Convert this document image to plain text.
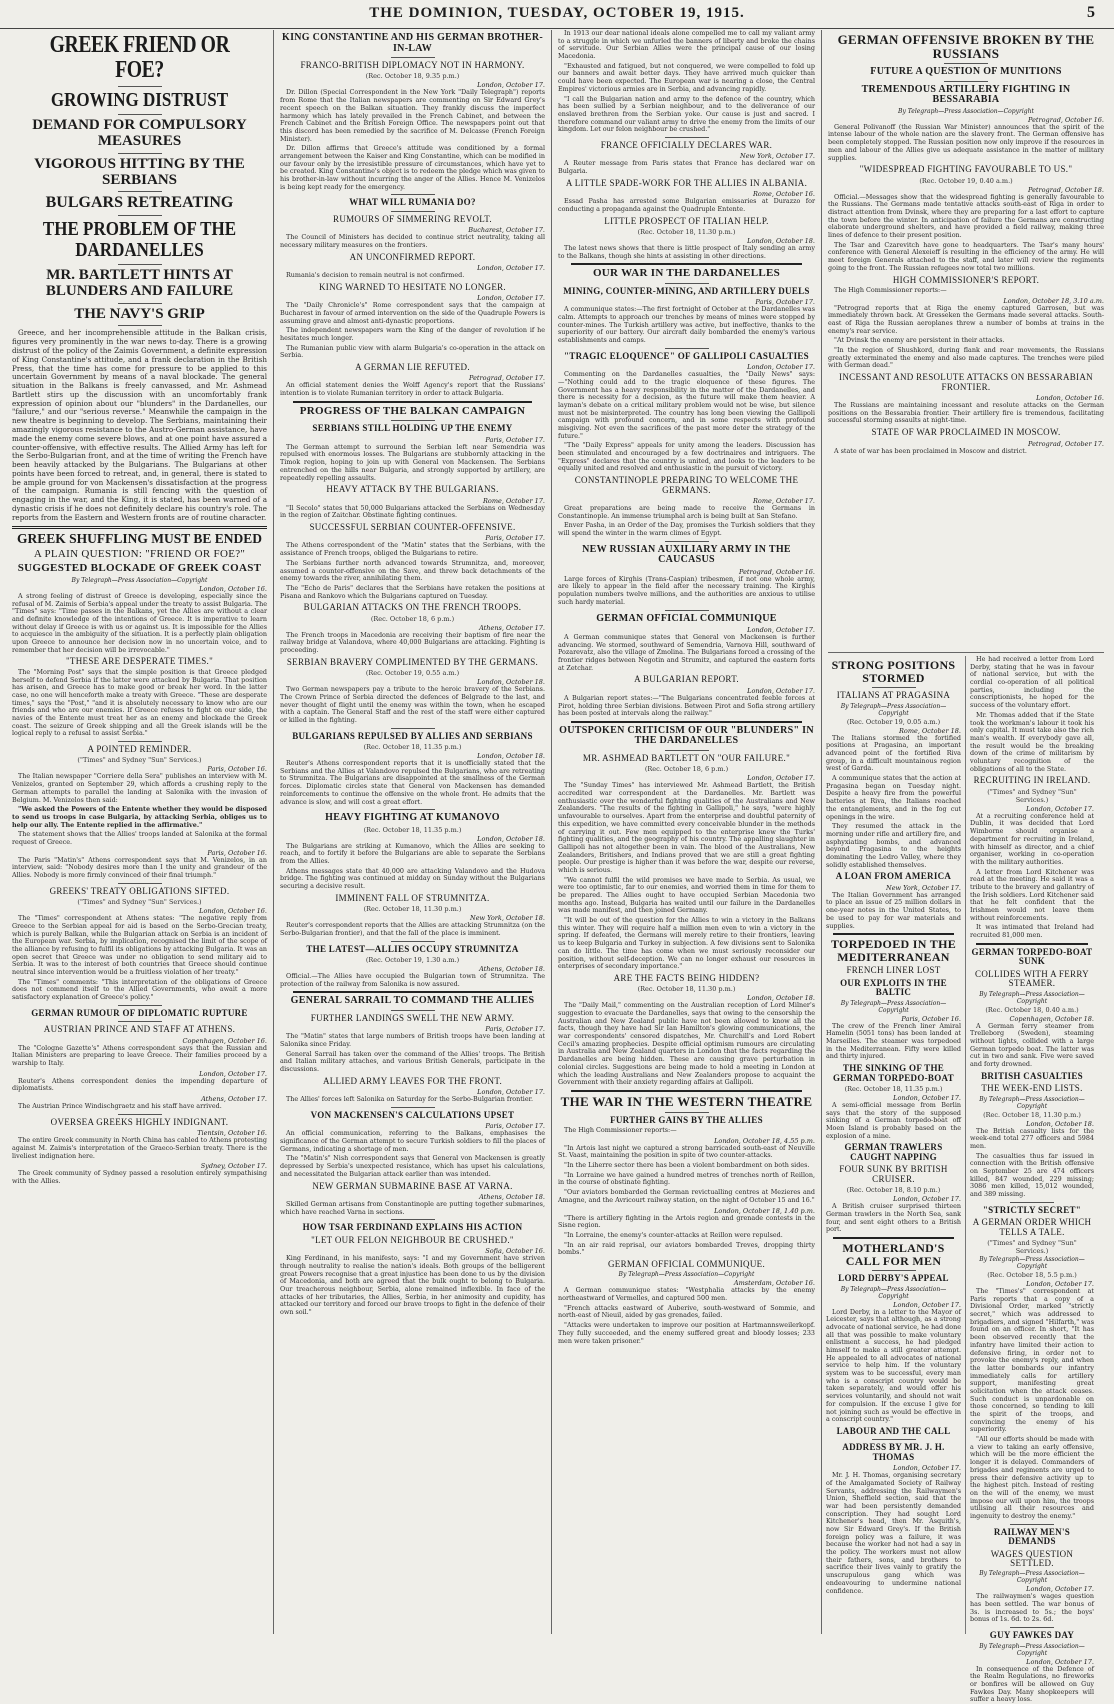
THE DOMINION, TUESDAY, OCTOBER 19, 1915.	5
GREEK FRIEND OR FOE?
GROWING DISTRUST
DEMAND FOR COMPULSORY MEASURES
VIGOROUS HITTING BY THE SERBIANS
BULGARS RETREATING
THE PROBLEM OF THE DARDANELLES
MR. BARTLETT HINTS AT BLUNDERS AND FAILURE
THE NAVY'S GRIP

Greece, and her incomprehensible attitude in the Balkan crisis, figures very prominently in the war news to-day. There is a growing distrust of the policy of the Zaimis Government, a definite expression of King Constantine's attitude, and a frank declaration in the British Press, that the time has come for pressure to be applied to this uncertain Government by means of a naval blockade. The general situation in the Balkans is freely canvassed, and Mr. Ashmead Bartlett stirs up the discussion with an uncomfortably frank expression of opinion about our "blunders" in the Dardanelles, our "failure," and our "serious reverse." Meanwhile the campaign in the new theatre is beginning to develop. The Serbians, maintaining their amazingly vigorous resistance to the Austro-German assistance, have made the enemy come severe blows, and at one point have assured a counter-offensive, with effective results. The Allied Army has left for the Serbo-Bulgarian front, and at the time of writing the French have been heavily attacked by the Bulgarians. The Bulgarians at other points have been forced to retreat, and, in general, there is stated to be ample ground for von Mackensen's dissatisfaction at the progress of the campaign. Rumania is still fencing with the question of engaging in the war, and the King, it is stated, has been warned of a dynastic crisis if he does not definitely declare his country's role. The reports from the Eastern and Western fronts are of routine character.

GREEK SHUFFLING MUST BE ENDED
A PLAIN QUESTION: "FRIEND OR FOE?"
SUGGESTED BLOCKADE OF GREEK COAST
By Telegraph—Press Association—Copyright
London, October 16.

A strong feeling of distrust of Greece is developing, especially since the refusal of M. Zaimis of Serbia's appeal under the treaty to assist Bulgaria. The "Times" says: "Time passes in the Balkans, yet the Allies are without a clear and definite knowledge of the intentions of Greece. It is imperative to learn without delay if Greece is with us or against us. It is impossible for the Allies to acquiesce in the ambiguity of the situation. It is a perfectly plain obligation upon Greece to announce her decision now in no uncertain voice, and to remember that her decision will be irrevocable."

"THESE ARE DESPERATE TIMES."

The "Morning Post" says that the simple position is that Greece pledged herself to defend Serbia if the latter were attacked by Bulgaria. That position has arisen, and Greece has to make good or break her word. In the latter case, no one will henceforth make a treaty with Greece. "These are desperate times," says the "Post," "and it is absolutely necessary to know who are our friends and who are our enemies. If Greece refuses to fight on our side, the navies of the Entente must treat her as an enemy and blockade the Greek coast. The seizure of Greek shipping and all the Greek islands will be the logical reply to a refusal to assist Serbia."

A POINTED REMINDER.
("Times" and Sydney "Sun" Services.)
Paris, October 16.

The Italian newspaper "Corriere della Sera" publishes an interview with M. Venizelos, granted on September 29, which affords a crushing reply to the German attempts to parallel the landing at Salonika with the invasion of Belgium. M. Venizelos then said:

"We asked the Powers of the Entente whether they would be disposed to send us troops in case Bulgaria, by attacking Serbia, obliges us to help our ally. The Entente replied in the affirmative."

The statement shows that the Allies' troops landed at Salonika at the formal request of Greece.

Paris, October 16.

The Paris "Matin's" Athens correspondent says that M. Venizelos, in an interview, said: "Nobody desires more than I the unity and grandeur of the Allies. Nobody is more firmly convinced of their final triumph."

GREEKS' TREATY OBLIGATIONS SIFTED.
("Times" and Sydney "Sun" Services.)
London, October 16.

The "Times" correspondent at Athens states: "The negative reply from Greece to the Serbian appeal for aid is based on the Serbo-Grecian treaty, which is purely Balkan, while the Bulgarian attack on Serbia is an incident of the European war. Serbia, by implication, recognised the limit of the scope of the alliance by refusing to fulfil its obligations by attacking Bulgaria. It was an open secret that Greece was under no obligation to send military aid to Serbia. It was to the interest of both countries that Greece should continue neutral since intervention would be a fruitless violation of her treaty."

The "Times" comments: "This interpretation of the obligations of Greece does not commend itself to the Allied Governments, who await a more satisfactory explanation of Greece's policy."

GERMAN RUMOUR OF DIPLOMATIC RUPTURE
AUSTRIAN PRINCE AND STAFF AT ATHENS.
Copenhagen, October 16.

The "Cologne Gazette's" Athens correspondent says that the Russian and Italian Ministers are preparing to leave Greece. Their families proceed by a warship to Italy.

London, October 17.

Reuter's Athens correspondent denies the impending departure of diplomatists.

Athens, October 17.

The Austrian Prince Windischgraetz and his staff have arrived.

OVERSEA GREEKS HIGHLY INDIGNANT.
Tientsin, October 16.

The entire Greek community in North China has cabled to Athens protesting against M. Zaimis's interpretation of the Graeco-Serbian treaty. There is the liveliest indignation here.

Sydney, October 17.

The Greek community of Sydney passed a resolution entirely sympathising with the Allies.

KING CONSTANTINE AND HIS GERMAN BROTHER-IN-LAW
FRANCO-BRITISH DIPLOMACY NOT IN HARMONY.
(Rec. October 18, 9.35 p.m.)
London, October 17.

Dr. Dillon (Special Correspondent in the New York "Daily Telegraph") reports from Rome that the Italian newspapers are commenting on Sir Edward Grey's recent speech on the Balkan situation. They frankly discuss the imperfect harmony which has lately prevailed in the French Cabinet, and between the French Cabinet and the British Foreign Office. The newspapers point out that this discord has been remedied by the sacrifice of M. Delcasse (French Foreign Minister).

Dr. Dillon affirms that Greece's attitude was conditioned by a formal arrangement between the Kaiser and King Constantine, which can be modified in our favour only by the irresistible pressure of circumstances, which have yet to be created. King Constantine's object is to redeem the pledge which was given to his brother-in-law without incurring the anger of the Allies. Hence M. Venizelos is being kept ready for the emergency.

WHAT WILL RUMANIA DO?
RUMOURS OF SIMMERING REVOLT.
Bucharest, October 17.

The Council of Ministers has decided to continue strict neutrality, taking all necessary military measures on the frontiers.

AN UNCONFIRMED REPORT.
London, October 17.

Rumania's decision to remain neutral is not confirmed.

KING WARNED TO HESITATE NO LONGER.
London, October 17.

The "Daily Chronicle's" Rome correspondent says that the campaign at Bucharest in favour of armed intervention on the side of the Quadruple Powers is assuming grave and almost anti-dynastic proportions.

The independent newspapers warn the King of the danger of revolution if he hesitates much longer.

The Rumanian public view with alarm Bulgaria's co-operation in the attack on Serbia.

A GERMAN LIE REFUTED.
Petrograd, October 17.

An official statement denies the Wolff Agency's report that the Russians' intention is to violate Rumanian territory in order to attack Bulgaria.

PROGRESS OF THE BALKAN CAMPAIGN
SERBIANS STILL HOLDING UP THE ENEMY
Paris, October 17.

The German attempt to surround the Serbian left near Semendria was repulsed with enormous losses. The Bulgarians are stubbornly attacking in the Timok region, hoping to join up with General von Mackensen. The Serbians entrenched on the hills near Bulgaria, and strongly supported by artillery, are repeatedly repelling assaults.

HEAVY ATTACK BY THE BULGARIANS.
Rome, October 17.

"Il Secolo" states that 50,000 Bulgarians attacked the Serbians on Wednesday in the region of Zaitchar. Obstinate fighting continues.

SUCCESSFUL SERBIAN COUNTER-OFFENSIVE.
Paris, October 17.

The Athens correspondent of the "Matin" states that the Serbians, with the assistance of French troops, obliged the Bulgarians to retire.

The Serbians further north advanced towards Strumnitza, and, moreover, assumed a counter-offensive on the Save, and threw back detachments of the enemy towards the river, annihilating them.

The "Echo de Paris" declares that the Serbians have retaken the positions at Pisana and Rankovo which the Bulgarians captured on Tuesday.

BULGARIAN ATTACKS ON THE FRENCH TROOPS.
(Rec. October 18, 6 p.m.)
Athens, October 17.

The French troops in Macedonia are receiving their baptism of fire near the railway bridge at Valandova, where 40,000 Bulgarians are attacking. Fighting is proceeding.

SERBIAN BRAVERY COMPLIMENTED BY THE GERMANS.
(Rec. October 19, 0.55 a.m.)
London, October 18.

Two German newspapers pay a tribute to the heroic bravery of the Serbians. The Crown Prince of Serbia directed the defences of Belgrade to the last, and never thought of flight until the enemy was within the town, when he escaped with a captain. The General Staff and the rest of the staff were either captured or killed in the fighting.

BULGARIANS REPULSED BY ALLIES AND SERBIANS
(Rec. October 18, 11.35 p.m.)
London, October 18.

Reuter's Athens correspondent reports that it is unofficially stated that the Serbians and the Allies at Valandovo repulsed the Bulgarians, who are retreating to Strumnitza. The Bulgarians are disappointed at the smallness of the German forces. Diplomatic circles state that General von Mackensen has demanded reinforcements to continue the offensive on the whole front. He admits that the advance is slow, and will cost a great effort.

HEAVY FIGHTING AT KUMANOVO
(Rec. October 18, 11.35 p.m.)
London, October 18.

The Bulgarians are striking at Kumanovo, which the Allies are seeking to reach, and to fortify it before the Bulgarians are able to separate the Serbians from the Allies.

Athens messages state that 40,000 are attacking Valandovo and the Hudova bridge. The fighting was continued at midday on Sunday without the Bulgarians securing a decisive result.

IMMINENT FALL OF STRUMNITZA.
(Rec. October 18, 11.30 p.m.)
New York, October 18.

Reuter's correspondent reports that the Allies are attacking Strumnitza (on the Serbo-Bulgarian frontier), and that the fall of the place is imminent.

THE LATEST—ALLIES OCCUPY STRUMNITZA
(Rec. October 19, 1.30 a.m.)
Athens, October 18.

Official.—The Allies have occupied the Bulgarian town of Strumnitza. The protection of the railway from Salonika is now assured.

GENERAL SARRAIL TO COMMAND THE ALLIES
FURTHER LANDINGS SWELL THE NEW ARMY.
Paris, October 17.

The "Matin" states that large numbers of British troops have been landing at Salonika since Friday.

General Sarrail has taken over the command of the Allies' troops. The British and Italian military attaches, and various British Generals, participate in the discussions.

ALLIED ARMY LEAVES FOR THE FRONT.
London, October 17.

The Allies' forces left Salonika on Saturday for the Serbo-Bulgarian frontier.

VON MACKENSEN'S CALCULATIONS UPSET
Paris, October 17.

An official communication, referring to the Balkans, emphasises the significance of the German attempt to secure Turkish soldiers to fill the places of Germans, indicating a shortage of men.

The "Matin's" Nish correspondent says that General von Mackensen is greatly depressed by Serbia's unexpected resistance, which has upset his calculations, and necessitated the Bulgarian attack earlier than was intended.

NEW GERMAN SUBMARINE BASE AT VARNA.
Athens, October 18.

Skilled German artisans from Constantinople are putting together submarines, which have reached Varna in sections.

HOW TSAR FERDINAND EXPLAINS HIS ACTION
"LET OUR FELON NEIGHBOUR BE CRUSHED."
Sofia, October 16.

King Ferdinand, in his manifesto, says: "I and my Government have striven through neutrality to realise the nation's ideals. Both groups of the belligerent great Powers recognise that a great injustice has been done to us by the division of Macedonia, and both are agreed that the bulk ought to belong to Bulgaria. Our treacherous neighbour, Serbia, alone remained inflexible. In face of the attacks of her tributaries, the Allies, Serbia, in her animosity and cupidity, has attacked our territory and forced our brave troops to fight in the defence of their own soil."

In 1913 our dear national ideals alone compelled me to call my valiant army to a struggle in which we unfurled the banners of liberty and broke the chains of servitude. Our Serbian Allies were the principal cause of our losing Macedonia.

"Exhausted and fatigued, but not conquered, we were compelled to fold up our banners and await better days. They have arrived much quicker than could have been expected. The European war is nearing a close, the Central Empires' victorious armies are in Serbia, and advancing rapidly.

"I call the Bulgarian nation and army to the defence of the country, which has been sullied by a Serbian neighbour, and to the deliverance of our enslaved brethren from the Serbian yoke. Our cause is just and sacred. I therefore command our valiant army to drive the enemy from the limits of our kingdom. Let our felon neighbour be crushed."

FRANCE OFFICIALLY DECLARES WAR.
New York, October 17.

A Reuter message from Paris states that France has declared war on Bulgaria.

A LITTLE SPADE-WORK FOR THE ALLIES IN ALBANIA.
Rome, October 16.

Essad Pasha has arrested some Bulgarian emissaries at Durazzo for conducting a propaganda against the Quadruple Entente.

LITTLE PROSPECT OF ITALIAN HELP.
(Rec. October 18, 11.30 p.m.)
London, October 18.

The latest news shows that there is little prospect of Italy sending an army to the Balkans, though she hints at assisting in other directions.

OUR WAR IN THE DARDANELLES
MINING, COUNTER-MINING, AND ARTILLERY DUELS
Paris, October 17.

A communique states:—The first fortnight of October at the Dardanelles was calm. Attempts to approach our trenches by means of mines were stopped by counter-mines. The Turkish artillery was active, but ineffective, thanks to the superiority of our battery. Our aircraft daily bombarded the enemy's various establishments and camps.

"TRAGIC ELOQUENCE" OF GALLIPOLI CASUALTIES
London, October 17.

Commenting on the Dardanelles casualties, the "Daily News" says:—"Nothing could add to the tragic eloquence of these figures. The Government has a heavy responsibility in the matter of the Dardanelles, and there is necessity for a decision, as the future will make them heavier. A layman's debate on a critical military problem would not be wise, but silence must not be misinterpreted. The country has long been viewing the Gallipoli campaign with profound concern, and in some respects with profound misgiving. Not even the sacrifices of the past more deter the strategy of the future."

"The "Daily Express" appeals for unity among the leaders. Discussion has been stimulated and encouraged by a few doctrinaires and intriguers. The "Express" declares that the country is united, and looks to the leaders to be equally united and resolved and enthusiastic in the pursuit of victory.

CONSTANTINOPLE PREPARING TO WELCOME THE GERMANS.
Rome, October 17.

Great preparations are being made to receive the Germans in Constantinople. An immense triumphal arch is being built at San Stefano.

Enver Pasha, in an Order of the Day, promises the Turkish soldiers that they will spend the winter in the warm climes of Egypt.

NEW RUSSIAN AUXILIARY ARMY IN THE CAUCASUS
Petrograd, October 16.

Large forces of Kirghis (Trans-Caspian) tribesmen, if not one whole army, are likely to appear in the field after the necessary training. The Kirghis population numbers twelve millions, and the authorities are anxious to utilise such hardy material.

GERMAN OFFICIAL COMMUNIQUE
London, October 17.

A German communique states that General von Mackensen is further advancing. We stormed, southward of Semendria, Varnova Hill, southward of Pozarevatz, also the village of Zmolina. The Bulgarians forced a crossing of the frontier ridges between Negotin and Strumitz, and captured the eastern forts at Zetchar.

A BULGARIAN REPORT.
London, October 17.

A Bulgarian report states:—"The Bulgarians concentrated feeble forces at Pirot, holding three Serbian divisions. Between Pirot and Sofia strong artillery has been posted at intervals along the railway."

OUTSPOKEN CRITICISM OF OUR "BLUNDERS" IN THE DARDANELLES
MR. ASHMEAD BARTLETT ON "OUR FAILURE."
(Rec. October 18, 6 p.m.)
London, October 17.

The "Sunday Times" has interviewed Mr. Ashmead Bartlett, the British accredited war correspondent at the Dardanelles. Mr. Bartlett was enthusiastic over the wonderful fighting qualities of the Australians and New Zealanders. "The results of the fighting in Gallipoli," he says, "were highly unfavourable to ourselves. Apart from the enterprise and doubtful paternity of this expedition, we have committed every conceivable blunder in the methods of carrying it out. Few men equipped to the enterprise knew the Turks' fighting qualities, and the geography of his country. The appalling slaughter in Gallipoli has not altogether been in vain. The blood of the Australians, New Zealanders, Britishers, and Indians proved that we are still a great fighting people. Our prestige is higher than it was before the war, despite our reverse, which is serious.

"We cannot fulfil the wild promises we have made to Serbia. As usual, we were too optimistic, far to our enemies, and worried them in time for them to be prepared. The Allies ought to have occupied Serbian Macedonia two months ago. Instead, Bulgaria has waited until our failure in the Dardanelles was made manifest, and then joined Germany.

"It will be out of the question for the Allies to win a victory in the Balkans this winter. They will require half a million men even to win a victory in the spring. If defeated, the Germans will merely retire to their frontiers, leaving us to keep Bulgaria and Turkey in subjection. A few divisions sent to Salonika can do little. The time has come when we must seriously reconsider our position, without self-deception. We can no longer exhaust our resources in enterprises of secondary importance."

ARE THE FACTS BEING HIDDEN?
(Rec. October 18, 11.30 p.m.)
London, October 18.

The "Daily Mail," commenting on the Australian reception of Lord Milner's suggestion to evacuate the Dardanelles, says that owing to the censorship the Australian and New Zealand public have not been allowed to know all the facts, though they have had Sir Ian Hamilton's glowing communications, the war correspondents' censored dispatches, Mr. Churchill's and Lord Robert Cecil's amazing prophecies. Despite official optimism rumours are circulating in Australia and New Zealand quarters in London that the facts regarding the Dardanelles are being hidden. These are causing grave perturbation in colonial circles. Suggestions are being made to hold a meeting in London at which the leading Australians and New Zealanders propose to acquaint the Government with their anxiety regarding affairs at Gallipoli.

THE WAR IN THE WESTERN THEATRE
FURTHER GAINS BY THE ALLIES

The High Commissioner reports:—

London, October 18, 4.55 p.m.

"In Artois last night we captured a strong barricaded south-east of Neuville St. Vaast, maintaining the position in spite of two counter-attacks.

"In the Liherre sector there has been a violent bombardment on both sides.

"In Lorraine we have gained a hundred metres of trenches north of Reillon, in the course of obstinate fighting.

"Our aviators bombarded the German revictualling centres at Mezieres and Amagne, and the Avricourt railway station, on the night of October 15 and 16."

London, October 18, 1.40 p.m.

"There is artillery fighting in the Artois region and grenade contests in the Sisne region.

"In Lorraine, the enemy's counter-attacks at Reillon were repulsed.

"In an air raid reprisal, our aviators bombarded Treves, dropping thirty bombs."

GERMAN OFFICIAL COMMUNIQUE.
By Telegraph—Press Association—Copyright
Amsterdam, October 16.

A German communique states: "Westphalia attacks by the enemy northeastward of Vermelles, and captured 500 men.

"French attacks eastward of Auberive, south-westward of Sommie, and north-east of Nieuil, aided by gas grenades, failed.

"Attacks were undertaken to improve our position at Hartmannsweilerkopf. They fully succeeded, and the enemy suffered great and bloody losses; 233 men were taken prisoner."

GERMAN OFFENSIVE BROKEN BY THE RUSSIANS
FUTURE A QUESTION OF MUNITIONS
TREMENDOUS ARTILLERY FIGHTING IN BESSARABIA
By Telegraph—Press Association—Copyright
Petrograd, October 16.

General Polivanoff (the Russian War Minister) announces that the spirit of the intense labour of the whole nation are the slavery front. The German offensive has been completely stopped. The Russian position now only improve if the resources in men and labour of the Allies give us adequate assistance in the matter of military supplies.

"WIDESPREAD FIGHTING FAVOURABLE TO US."
(Rec. October 19, 0.40 a.m.)
Petrograd, October 18.

Official.—Messages show that the widespread fighting is generally favourable to the Russians. The Germans made tentative attacks south-east of Riga in order to distract attention from Dvinsk, where they are preparing for a last effort to capture the town before the winter. In anticipation of failure the Germans are constructing elaborate underground shelters, and have provided a field railway, making three lines of defence to their present position.

The Tsar and Czarevitch have gone to headquarters. The Tsar's many hours' conference with General Alexeieff is resulting in the efficiency of the army. He will meet foreign Generals attached to the staff, and later will review the regiments going to the front. The Russian refugees now total two millions.

HIGH COMMISSIONER'S REPORT.

The High Commissioner reports:—

London, October 18, 3.10 a.m.

"Petrograd reports that at Riga the enemy captured Garrosen, but was immediately thrown back. At Gresseken the Germans made several attacks. South-east of Riga the Russian aeroplanes threw a number of bombs at trains in the enemy's rear service.

"At Dvinsk the enemy are persistent in their attacks.

"In the region of Shushkord, during flank and rear movements, the Russians greatly exterminated the enemy and also made captures. The trenches were piled with German dead."

INCESSANT AND RESOLUTE ATTACKS ON BESSARABIAN FRONTIER.
London, October 16.

The Russians are maintaining incessant and resolute attacks on the German positions on the Bessarabia frontier. Their artillery fire is tremendous, facilitating successful storming assaults at night-time.

STATE OF WAR PROCLAIMED IN MOSCOW.
Petrograd, October 17.

A state of war has been proclaimed in Moscow and district.

STRONG POSITIONS STORMED
ITALIANS AT PRAGASINA
By Telegraph—Press Association—Copyright
(Rec. October 19, 0.05 a.m.)
Rome, October 18.

The Italians stormed the fortified positions at Pragasina, an important advanced point of the fortified Riva group, in a difficult mountainous region west of Garda.

A communique states that the action at Pragasina began on Tuesday night. Despite a heavy fire from the powerful batteries at Riva, the Italians reached the entanglements, and in the fog cut openings in the wire.

They resumed the attack in the morning under rifle and artillery fire, and asphyxiating bombs, and advanced beyond Pragasina to the heights dominating the Ledro Valley, where they solidly established themselves.

A LOAN FROM AMERICA
New York, October 17.

The Italian Government has arranged to place an issue of 25 million dollars in one-year notes in the United States, to be used to pay for war materials and supplies.

TORPEDOED IN THE MEDITERRANEAN
FRENCH LINER LOST
OUR EXPLOITS IN THE BALTIC
By Telegraph—Press Association—Copyright
Paris, October 16.

The crew of the French liner Amiral Hamelin (5051 tons) has been landed at Marseilles. The steamer was torpedoed in the Mediterranean. Fifty were killed and thirty injured.

THE SINKING OF THE GERMAN TORPEDO-BOAT
(Rec. October 18, 11.35 p.m.)
London, October 17.

A semi-official message from Berlin says that the story of the supposed sinking of a German torpedo-boat off Moen Island is probably based on the explosion of a mine.

GERMAN TRAWLERS CAUGHT NAPPING
FOUR SUNK BY BRITISH CRUISER.
(Rec. October 18, 8.10 p.m.)
London, October 17.

A British cruiser surprised thirteen German trawlers in the North Sea, sank four, and sent eight others to a British port.

MOTHERLAND'S CALL FOR MEN
LORD DERBY'S APPEAL
By Telegraph—Press Association—Copyright
London, October 17.

Lord Derby, in a letter to the Mayor of Leicester, says that although, as a strong advocate of national service, he had done all that was possible to make voluntary enlistment a success, he had pledged himself to make a still greater attempt. He appealed to all advocates of national service to help him. If the voluntary system was to be successful, every man who is a conscript country would be taken separately, and would offer his services voluntarily, and should not wait for compulsion. If the excuse I give for not joining such as would be effective in a conscript country."

LABOUR AND THE CALL
ADDRESS BY MR. J. H. THOMAS
London, October 17.

Mr. J. H. Thomas, organising secretary of the Amalgamated Society of Railway Servants, addressing the Railwaymen's Union, Sheffield section, said that the war had been persistently demanded conscription. They had sought Lord Kitchener's head, then Mr. Asquith's, now Sir Edward Grey's. If the British foreign policy was a failure, it was because the worker had not had a say in the policy. The workers must not allow their fathers, sons, and brothers to sacrifice their lives vainly to gratify the unscrupulous gang which was endeavouring to undermine national confidence.

He had received a letter from Lord Derby, stating that he was in favour of national service, but with the cordial co-operation of all political parties, including the conscriptionists, he hoped for the success of the voluntary effort.

Mr. Thomas added that if the State took the workman's labour it took his only capital. It must take also the rich man's wealth. If everybody gave all, the result would be the breaking down of the crime of militarism by voluntary recognition of the obligations of all to the State.

RECRUITING IN IRELAND.
("Times" and Sydney "Sun" Services.)
London, October 17.

At a recruiting conference held at Dublin, it was decided that Lord Wimborne should organise a department for recruiting in Ireland, with himself as director, and a chief organiser, working in co-operation with the military authorities.

A letter from Lord Kitchener was read at the meeting. He said it was a tribute to the bravery and gallantry of the Irish soldiers. Lord Kitchener said that he felt confident that the Irishmen would not leave them without reinforcements.

It was intimated that Ireland had recruited 81,000 men.

GERMAN TORPEDO-BOAT SUNK
COLLIDES WITH A FERRY STEAMER.
By Telegraph—Press Association—Copyright
(Rec. October 18, 0.40 a.m.)
Copenhagen, October 18.

A German ferry steamer from Trelleborg (Sweden), steaming without lights, collided with a large German torpedo boat. The latter was cut in two and sank. Five were saved and forty drowned.

BRITISH CASUALTIES
THE WEEK-END LISTS.
By Telegraph—Press Association—Copyright
(Rec. October 18, 11.30 p.m.)
London, October 18.

The British casualty lists for the week-end total 277 officers and 5984 men.

The casualties thus far issued in connection with the British offensive on September 25 are 474 officers killed, 847 wounded, 229 missing; 3086 men killed, 15,012 wounded, and 389 missing.

"STRICTLY SECRET"
A GERMAN ORDER WHICH TELLS A TALE.
("Times" and Sydney "Sun" Services.)
By Telegraph—Press Association—Copyright
(Rec. October 18, 5.5 p.m.)
London, October 17.

The "Times's" correspondent at Paris reports that a copy of a Divisional Order, marked "strictly secret," which was addressed to brigadiers, and signed "Hilfarth," was found on an officer. In short, "It has been observed recently that the infantry have limited their action to defensive firing, in order not to provoke the enemy's reply, and when the latter bombards our infantry immediately calls for artillery support, manifesting great solicitation when the attack ceases. Such conduct is unpardonable on those concerned, so tending to kill the spirit of the troops, and convincing the enemy of his superiority.

"All our efforts should be made with a view to taking an early offensive, which will be the more efficient the longer it is delayed. Commanders of brigades and regiments are urged to press their defensive activity up to the highest pitch. Instead of resting on the will of the enemy, we must impose our will upon him, the troops utilising all their resources and ingenuity to destroy the enemy."

RAILWAY MEN'S DEMANDS
WAGES QUESTION SETTLED.
By Telegraph—Press Association—Copyright
London, October 17.

The railwaymen's wages question has been settled. The war bonus of 3s. is increased to 5s.; the boys' bonus of 1s. 6d. to 2s. 6d.

GUY FAWKES DAY
By Telegraph—Press Association—Copyright
London, October 17.

In consequence of the Defence of the Realm Regulations, no fireworks or bonfires will be allowed on Guy Fawkes Day. Many shopkeepers will suffer a heavy loss.
